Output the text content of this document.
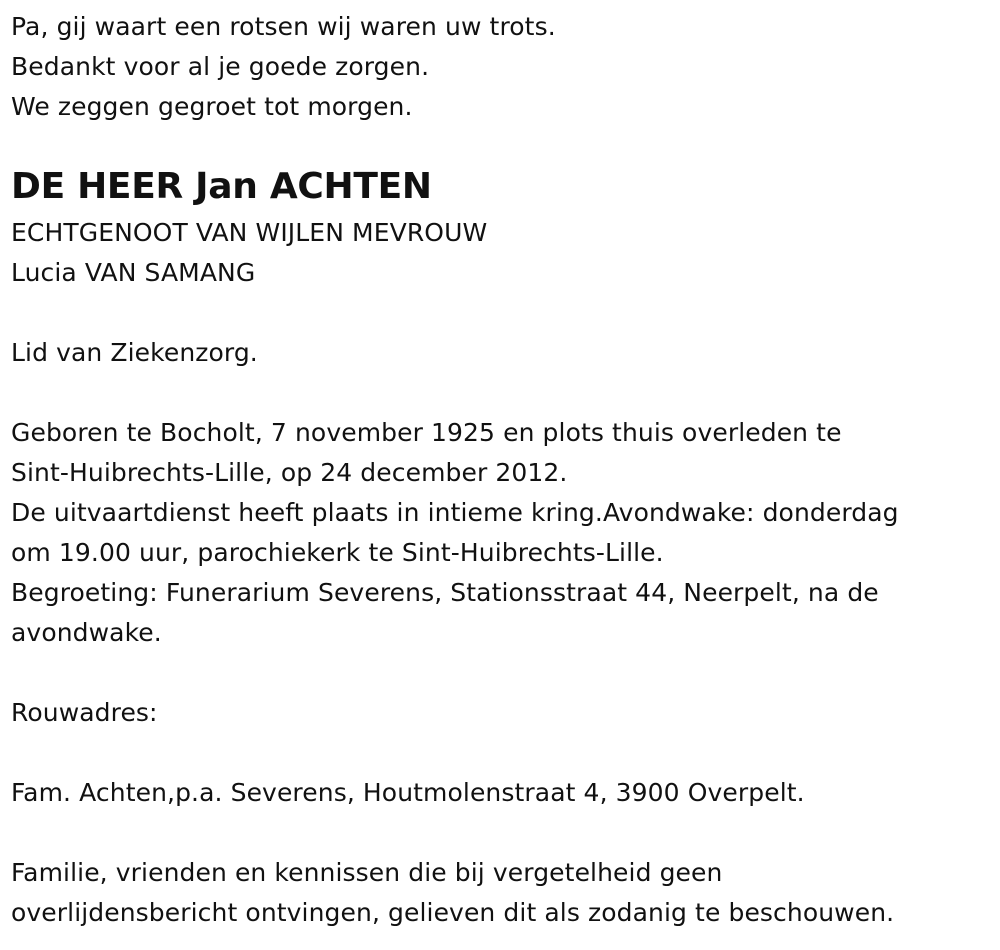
Pa, gij waart een rotsen wij waren uw trots.
Bedankt voor al je goede zorgen.
We zeggen gegroet tot morgen.
DE HEER Jan ACHTEN
ECHTGENOOT VAN WIJLEN MEVROUW
Lucia VAN SAMANG
Lid van Ziekenzorg.
Geboren te Bocholt, 7 november 1925 en plots thuis overleden te
Sint-Huibrechts-Lille, op 24 december 2012.
De uitvaartdienst heeft plaats in intieme kring.Avondwake: donderdag
om 19.00 uur, parochiekerk te Sint-Huibrechts-Lille.
Begroeting: Funerarium Severens, Stationsstraat 44, Neerpelt, na de
avondwake.
Rouwadres:
Fam. Achten,p.a. Severens, Houtmolenstraat 4, 3900 Overpelt.
Familie, vrienden en kennissen die bij vergetelheid geen
overlijdensbericht ontvingen, gelieven dit als zodanig te beschouwen.
